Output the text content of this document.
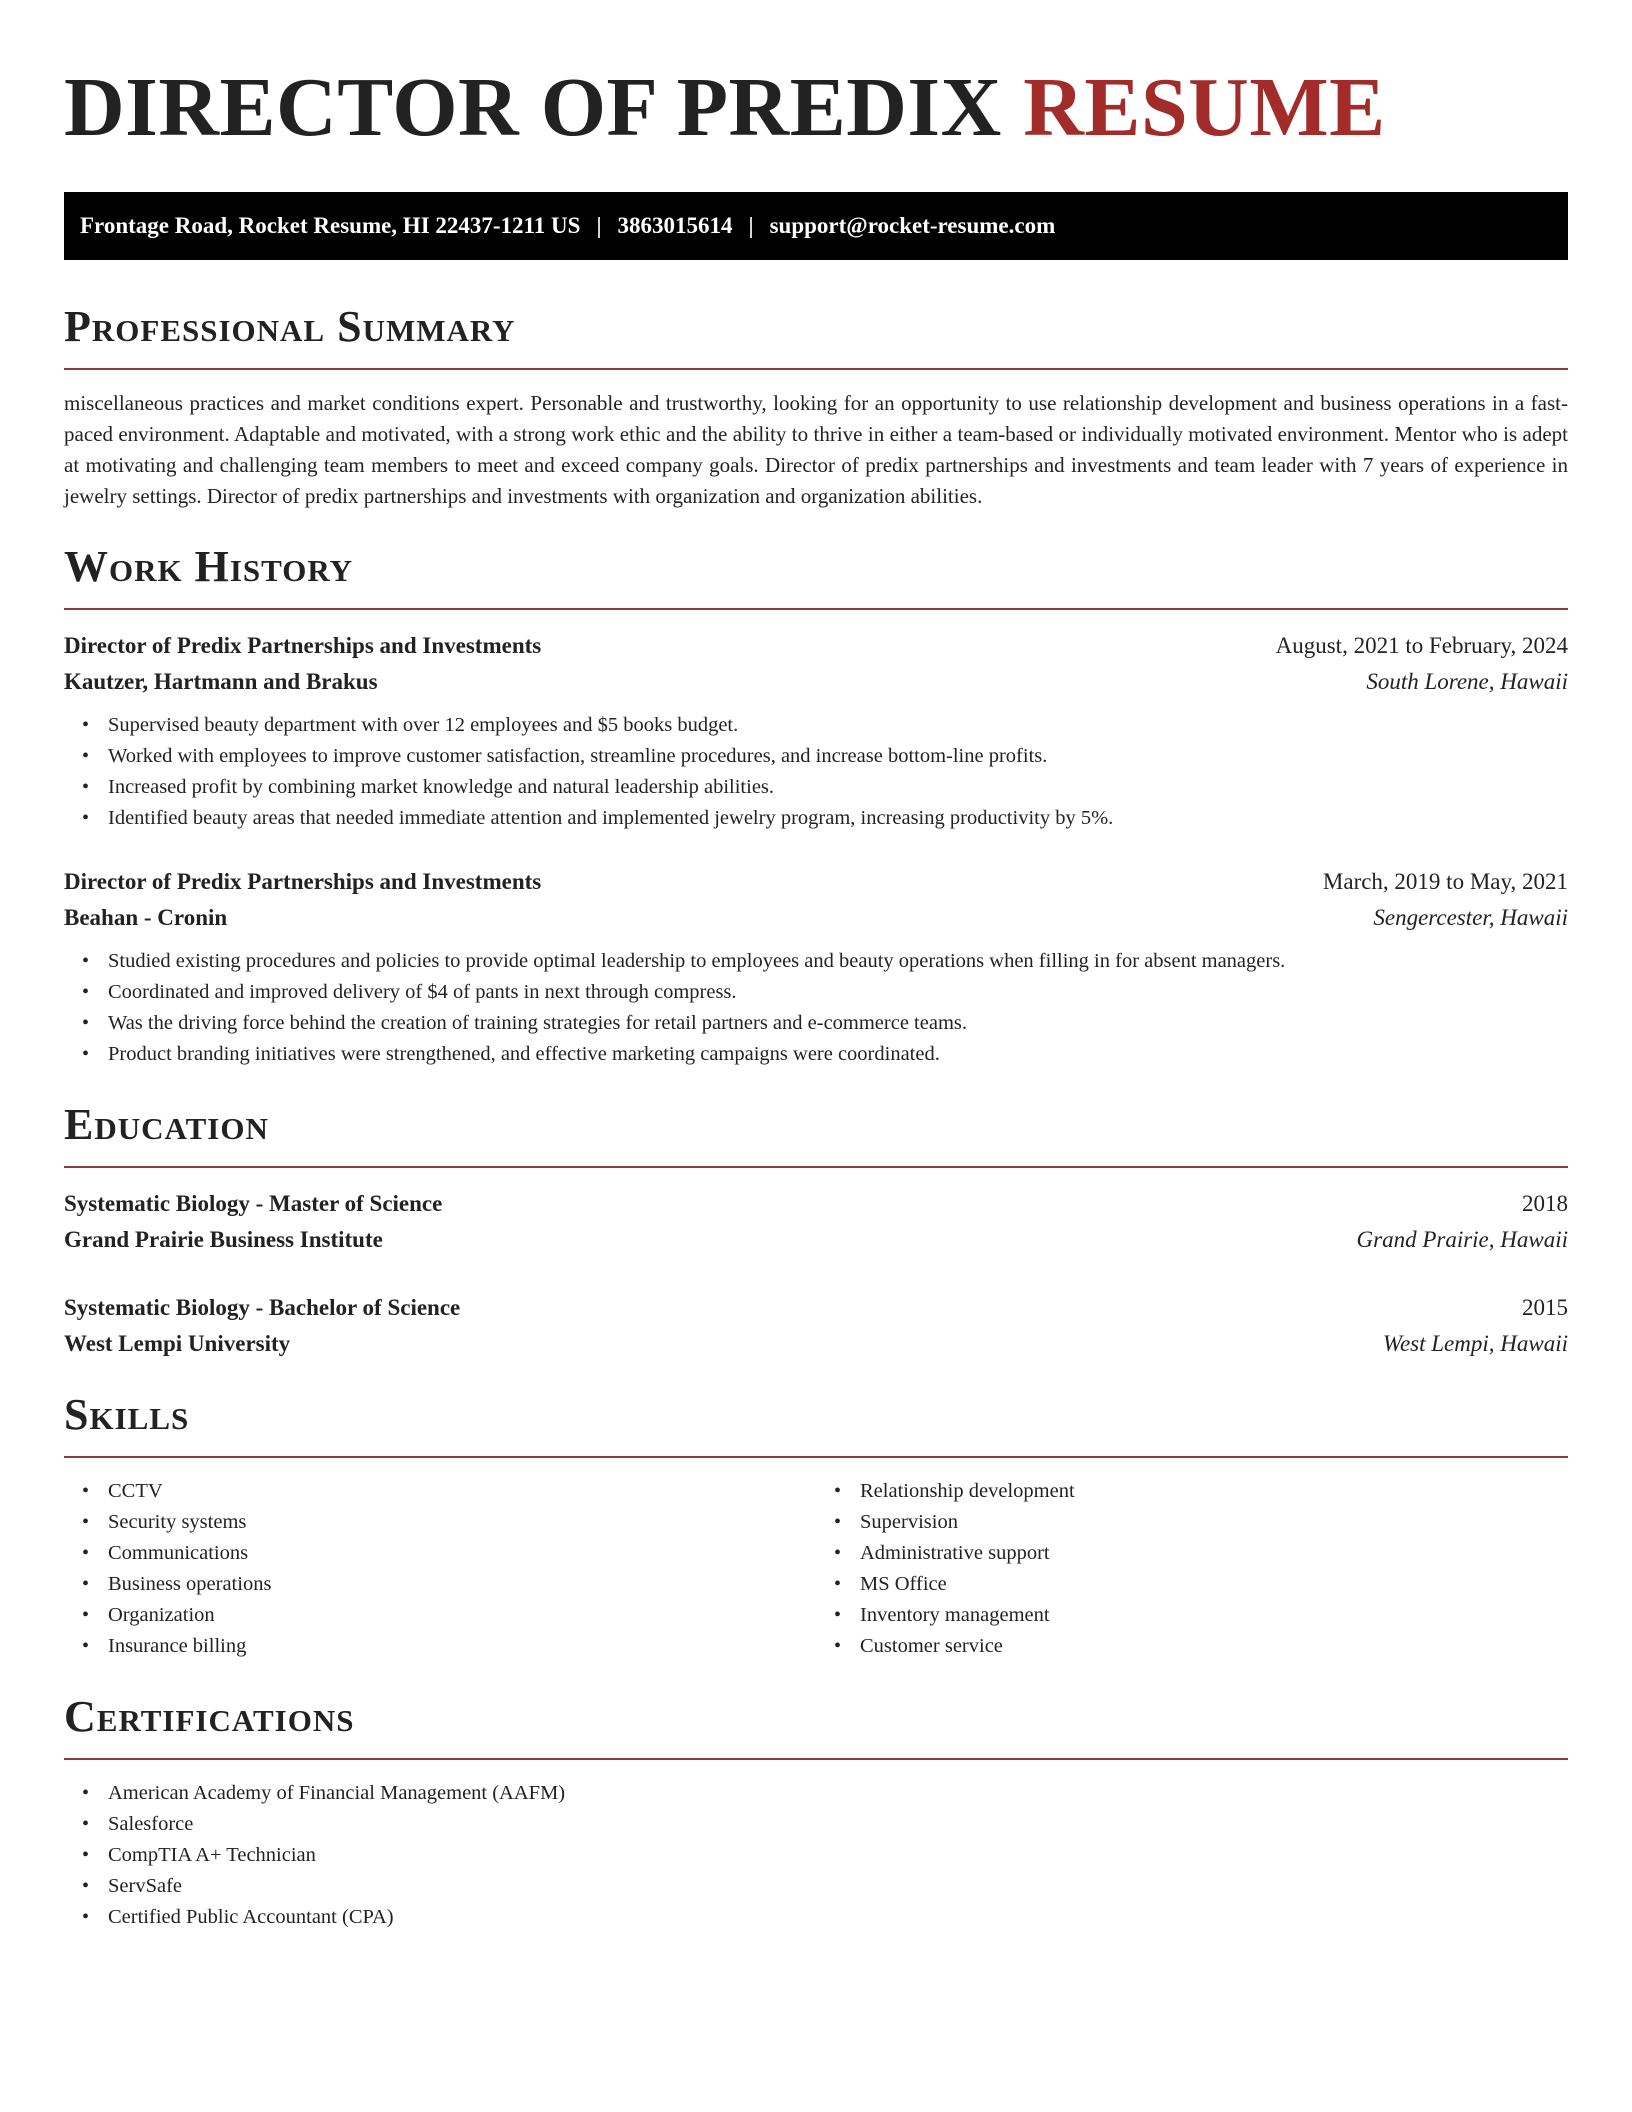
DIRECTOR OF PREDIX RESUME
Frontage Road, Rocket Resume, HI 22437-1211 US | 3863015614 | support@rocket-resume.com
Professional Summary

miscellaneous practices and market conditions expert. Personable and trustworthy, looking for an opportunity to use relationship development and business operations in a fast-paced environment. Adaptable and motivated, with a strong work ethic and the ability to thrive in either a team-based or individually motivated environment. Mentor who is adept at motivating and challenging team members to meet and exceed company goals. Director of predix partnerships and investments and team leader with 7 years of experience in jewelry settings. Director of predix partnerships and investments with organization and organization abilities.

Work History
Director of Predix Partnerships and Investments	August, 2021 to February, 2024
Kautzer, Hartmann and Brakus	South Lorene, Hawaii
• Supervised beauty department with over 12 employees and $5 books budget.
• Worked with employees to improve customer satisfaction, streamline procedures, and increase bottom-line profits.
• Increased profit by combining market knowledge and natural leadership abilities.
• Identified beauty areas that needed immediate attention and implemented jewelry program, increasing productivity by 5%.
Director of Predix Partnerships and Investments	March, 2019 to May, 2021
Beahan - Cronin	Sengercester, Hawaii
• Studied existing procedures and policies to provide optimal leadership to employees and beauty operations when filling in for absent managers.
• Coordinated and improved delivery of $4 of pants in next through compress.
• Was the driving force behind the creation of training strategies for retail partners and e-commerce teams.
• Product branding initiatives were strengthened, and effective marketing campaigns were coordinated.
Education
Systematic Biology - Master of Science	2018
Grand Prairie Business Institute	Grand Prairie, Hawaii
Systematic Biology - Bachelor of Science	2015
West Lempi University	West Lempi, Hawaii
Skills
• CCTV
• Security systems
• Communications
• Business operations
• Organization
• Insurance billing
• Relationship development
• Supervision
• Administrative support
• MS Office
• Inventory management
• Customer service
Certifications
• American Academy of Financial Management (AAFM)
• Salesforce
• CompTIA A+ Technician
• ServSafe
• Certified Public Accountant (CPA)
